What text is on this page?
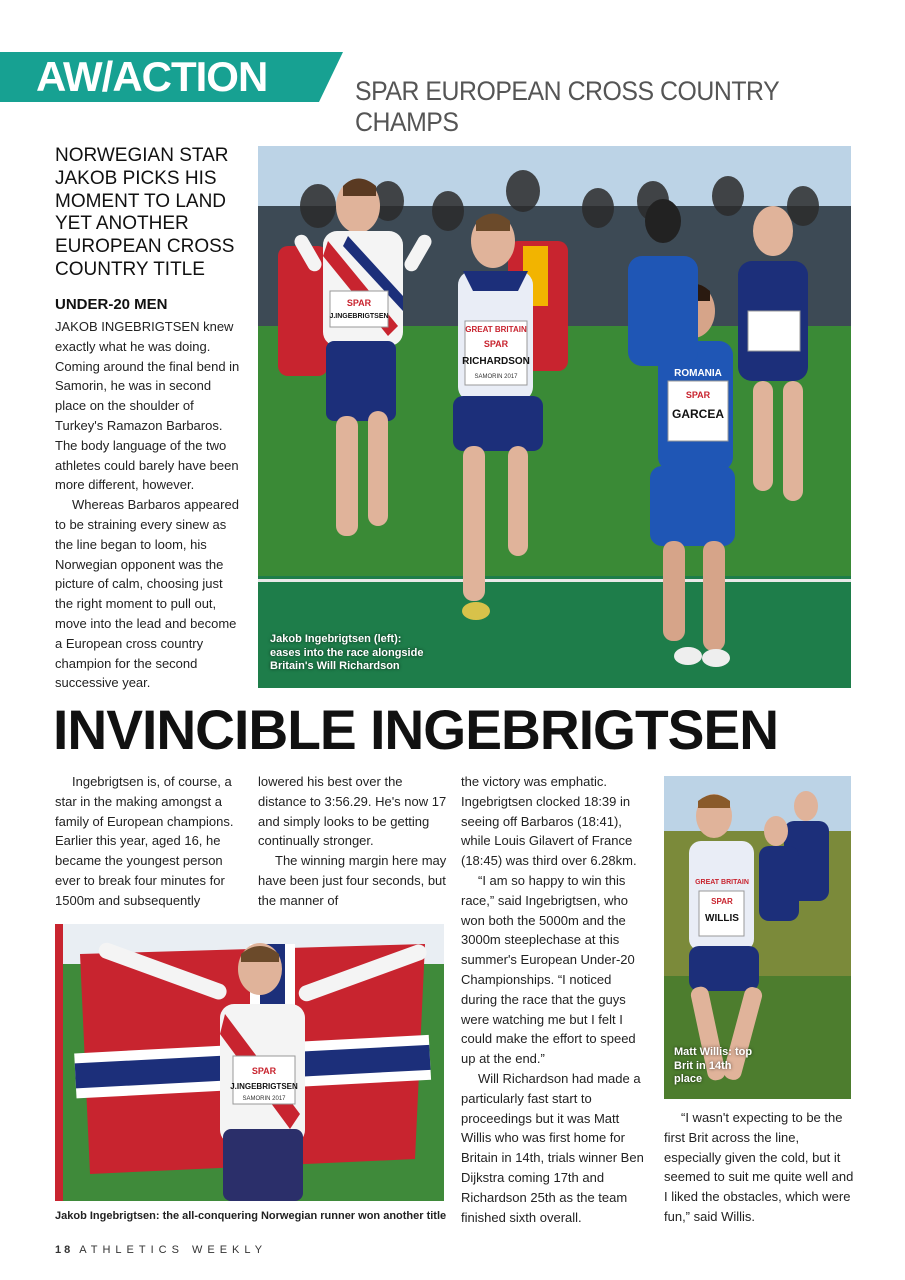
AW/ACTION	SPAR EUROPEAN CROSS COUNTRY CHAMPS
NORWEGIAN STAR JAKOB PICKS HIS MOMENT TO LAND YET ANOTHER EUROPEAN CROSS COUNTRY TITLE
UNDER-20 MEN

JAKOB INGEBRIGTSEN knew exactly what he was doing. Coming around the final bend in Samorin, he was in second place on the shoulder of Turkey's Ramazon Barbaros. The body language of the two athletes could barely have been more different, however.

Whereas Barbaros appeared to be straining every sinew as the line began to loom, his Norwegian opponent was the picture of calm, choosing just the right moment to pull out, move into the lead and become a European cross country champion for the second successive year.

SPAR
J.INGEBRIGTSEN
GREAT BRITAIN
SPAR
RICHARDSON
SAMORIN 2017	ROMANIA
SPAR
GARCEA
Jakob Ingebrigtsen (left): eases into the race alongside Britain's Will Richardson
INVINCIBLE INGEBRIGTSEN

Ingebrigtsen is, of course, a star in the making amongst a family of European champions. Earlier this year, aged 16, he became the youngest person ever to break four minutes for 1500m and subsequently

lowered his best over the distance to 3:56.29. He's now 17 and simply looks to be getting continually stronger.

The winning margin here may have been just four seconds, but the manner of

the victory was emphatic. Ingebrigtsen clocked 18:39 in seeing off Barbaros (18:41), while Louis Gilavert of France (18:45) was third over 6.28km.

“I am so happy to win this race,” said Ingebrigtsen, who won both the 5000m and the 3000m steeplechase at this summer's European Under-20 Championships. “I noticed during the race that the guys were watching me but I felt I could make the effort to speed up at the end.”

Will Richardson had made a particularly fast start to proceedings but it was Matt Willis who was first home for Britain in 14th, trials winner Ben Dijkstra coming 17th and Richardson 25th as the team finished sixth overall.

“I wasn't expecting to be the first Brit across the line, especially given the cold, but it seemed to suit me quite well and I liked the obstacles, which were fun,” said Willis.

GREAT BRITAIN
SPAR
WILLIS
Matt Willis: top Brit in 14th place
SPAR
J.INGEBRIGTSEN
SAMORIN 2017
Jakob Ingebrigtsen: the all-conquering Norwegian runner won another title
18 ATHLETICS WEEKLY
